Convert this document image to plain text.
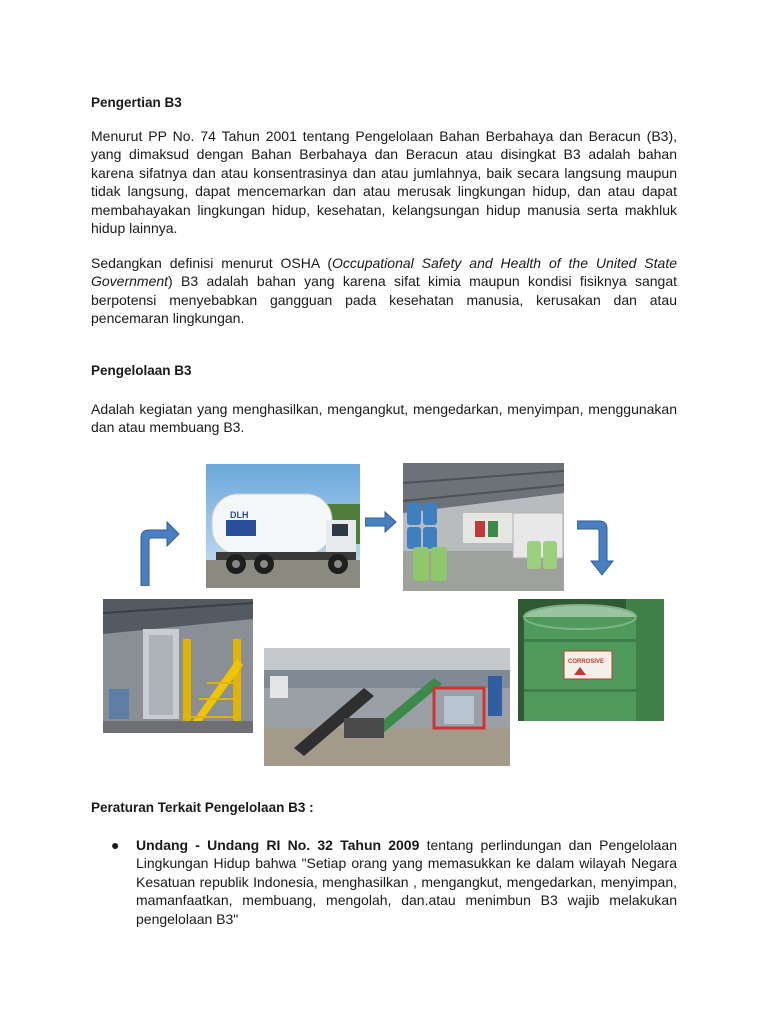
Pengertian B3

Menurut PP No. 74 Tahun 2001 tentang Pengelolaan Bahan Berbahaya dan Beracun (B3), yang dimaksud dengan Bahan Berbahaya dan Beracun atau disingkat B3 adalah bahan karena sifatnya dan atau konsentrasinya dan atau jumlahnya, baik secara langsung maupun tidak langsung, dapat mencemarkan dan atau merusak lingkungan hidup, dan atau dapat membahayakan lingkungan hidup, kesehatan, kelangsungan hidup manusia serta makhluk hidup lainnya.

Sedangkan definisi menurut OSHA (Occupational Safety and Health of the United State Government) B3 adalah bahan yang karena sifat kimia maupun kondisi fisiknya sangat berpotensi menyebabkan gangguan pada kesehatan manusia, kerusakan dan atau pencemaran lingkungan.

Pengelolaan B3

Adalah kegiatan yang menghasilkan, mengangkut, mengedarkan, menyimpan, menggunakan dan atau membuang B3.

DLH
CORROSIVE
Peraturan Terkait Pengelolaan B3 :
● Undang - Undang RI No. 32 Tahun 2009 tentang perlindungan dan Pengelolaan Lingkungan Hidup bahwa "Setiap orang yang memasukkan ke dalam wilayah Negara Kesatuan republik Indonesia, menghasilkan , mengangkut, mengedarkan, menyimpan, mamanfaatkan, membuang, mengolah, dan.atau menimbun B3 wajib melakukan pengelolaan B3"
